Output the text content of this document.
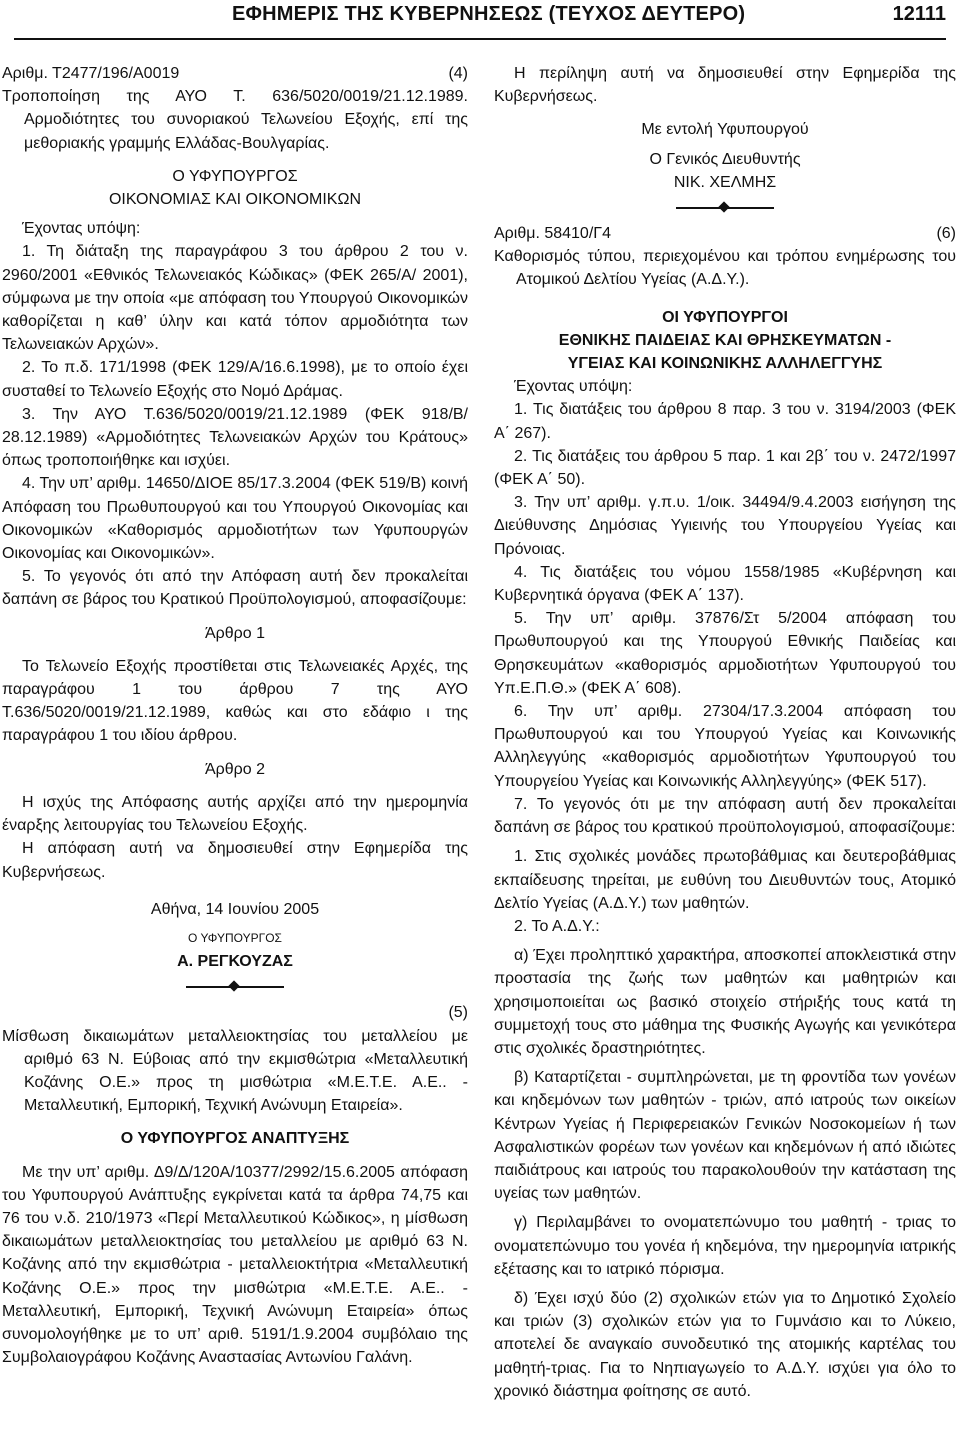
ΕΦΗΜΕΡΙΣ ΤΗΣ ΚΥΒΕΡΝΗΣΕΩΣ (ΤΕΥΧΟΣ ΔΕΥΤΕΡΟ)	12111
Αριθμ. Τ2477/196/Α0019	(4)

Τροποποίηση της ΑΥΟ Τ. 636/5020/0019/21.12.1989. Αρμοδιότητες του συνοριακού Τελωνείου Εξοχής, επί της μεθοριακής γραμμής Ελλάδας-Βουλγαρίας.

Ο ΥΦΥΠΟΥΡΓΟΣ

ΟΙΚΟΝΟΜΙΑΣ ΚΑΙ ΟΙΚΟΝΟΜΙΚΩΝ

Έχοντας υπόψη:

1. Τη διάταξη της παραγράφου 3 του άρθρου 2 του ν. 2960/2001 «Εθνικός Τελωνειακός Κώδικας» (ΦΕΚ 265/Α/ 2001), σύμφωνα με την οποία «με απόφαση του Υπουργού Οικονομικών καθορίζεται η καθ’ ύλην και κατά τόπον αρμοδιότητα των Τελωνειακών Αρχών».

2. Το π.δ. 171/1998 (ΦΕΚ 129/Α/16.6.1998), με το οποίο έχει συσταθεί το Τελωνείο Εξοχής στο Νομό Δράμας.

3. Την ΑΥΟ Τ.636/5020/0019/21.12.1989 (ΦΕΚ 918/Β/ 28.12.1989) «Αρμοδιότητες Τελωνειακών Αρχών του Κράτους» όπως τροποποιήθηκε και ισχύει.

4. Την υπ’ αριθμ. 14650/ΔΙΟΕ 85/17.3.2004 (ΦΕΚ 519/Β) κοινή Απόφαση του Πρωθυπουργού και του Υπουργού Οικονομίας και Οικονομικών «Καθορισμός αρμοδιοτήτων των Υφυπουργών Οικονομίας και Οικονομικών».

5. Το γεγονός ότι από την Απόφαση αυτή δεν προκαλείται δαπάνη σε βάρος του Κρατικού Προϋπολογισμού, αποφασίζουμε:

Άρθρο 1

Το Τελωνείο Εξοχής προστίθεται στις Τελωνειακές Αρχές, της παραγράφου 1 του άρθρου 7 της ΑΥΟ Τ.636/5020/0019/21.12.1989, καθώς και στο εδάφιο ι της παραγράφου 1 του ιδίου άρθρου.

Άρθρο 2

Η ισχύς της Απόφασης αυτής αρχίζει από την ημερομηνία έναρξης λειτουργίας του Τελωνείου Εξοχής.

Η απόφαση αυτή να δημοσιευθεί στην Εφημερίδα της Κυβερνήσεως.

Αθήνα, 14 Ιουνίου 2005

Ο ΥΦΥΠΟΥΡΓΟΣ

Α. ΡΕΓΚΟΥΖΑΣ

(5)

Μίσθωση δικαιωμάτων μεταλλειοκτησίας του μεταλλείου με αριθμό 63 Ν. Εύβοιας από την εκμισθώτρια «Μεταλλευτική Κοζάνης Ο.Ε.» προς τη μισθώτρια «Μ.Ε.Τ.Ε. Α.Ε.. - Μεταλλευτική, Εμπορική, Τεχνική Ανώνυμη Εταιρεία».

Ο ΥΦΥΠΟΥΡΓΟΣ ΑΝΑΠΤΥΞΗΣ

Με την υπ’ αριθμ. Δ9/Δ/120Α/10377/2992/15.6.2005 απόφαση του Υφυπουργού Ανάπτυξης εγκρίνεται κατά τα άρθρα 74,75 και 76 του ν.δ. 210/1973 «Περί Μεταλλευτικού Κώδικος», η μίσθωση δικαιωμάτων μεταλλειοκτησίας του μεταλλείου με αριθμό 63 Ν. Κοζάνης από την εκμισθώτρια - μεταλλειοκτήτρια «Μεταλλευτική Κοζάνης Ο.Ε.» προς την μισθώτρια «Μ.Ε.Τ.Ε. Α.Ε.. - Μεταλλευτική, Εμπορική, Τεχνική Ανώνυμη Εταιρεία» όπως συνομολογήθηκε με το υπ’ αριθ. 5191/1.9.2004 συμβόλαιο της Συμβολαιογράφου Κοζάνης Αναστασίας Αντωνίου Γαλάνη.

Η περίληψη αυτή να δημοσιευθεί στην Εφημερίδα της Κυβερνήσεως.

Με εντολή Υφυπουργού

Ο Γενικός Διευθυντής

ΝΙΚ. ΧΕΛΜΗΣ

Αριθμ. 58410/Γ4	(6)

Καθορισμός τύπου, περιεχομένου και τρόπου ενημέρωσης του Ατομικού Δελτίου Υγείας (Α.Δ.Υ.).

ΟΙ ΥΦΥΠΟΥΡΓΟΙ

ΕΘΝΙΚΗΣ ΠΑΙΔΕΙΑΣ ΚΑΙ ΘΡΗΣΚΕΥΜΑΤΩΝ -

ΥΓΕΙΑΣ ΚΑΙ ΚΟΙΝΩΝΙΚΗΣ ΑΛΛΗΛΕΓΓΥΗΣ

Έχοντας υπόψη:

1. Τις διατάξεις του άρθρου 8 παρ. 3 του ν. 3194/2003 (ΦΕΚ Α΄ 267).

2. Τις διατάξεις του άρθρου 5 παρ. 1 και 2β΄ του ν. 2472/1997 (ΦΕΚ Α΄ 50).

3. Την υπ’ αριθμ. γ.π.υ. 1/οικ. 34494/9.4.2003 εισήγηση της Διεύθυνσης Δημόσιας Υγιεινής του Υπουργείου Υγείας και Πρόνοιας.

4. Τις διατάξεις του νόμου 1558/1985 «Κυβέρνηση και Κυβερνητικά όργανα (ΦΕΚ Α΄ 137).

5. Την υπ’ αριθμ. 37876/Στ 5/2004 απόφαση του Πρωθυπουργού και της Υπουργού Εθνικής Παιδείας και Θρησκευμάτων «καθορισμός αρμοδιοτήτων Υφυπουργού του Υπ.Ε.Π.Θ.» (ΦΕΚ Α΄ 608).

6. Την υπ’ αριθμ. 27304/17.3.2004 απόφαση του Πρωθυπουργού και του Υπουργού Υγείας και Κοινωνικής Αλληλεγγύης «καθορισμός αρμοδιοτήτων Υφυπουργού του Υπουργείου Υγείας και Κοινωνικής Αλληλεγγύης» (ΦΕΚ 517).

7. Το γεγονός ότι με την απόφαση αυτή δεν προκαλείται δαπάνη σε βάρος του κρατικού προϋπολογισμού, αποφασίζουμε:

1. Στις σχολικές μονάδες πρωτοβάθμιας και δευτεροβάθμιας εκπαίδευσης τηρείται, με ευθύνη του Διευθυντών τους, Ατομικό Δελτίο Υγείας (Α.Δ.Υ.) των μαθητών.

2. Το Α.Δ.Υ.:

α) Έχει προληπτικό χαρακτήρα, αποσκοπεί αποκλειστικά στην προστασία της ζωής των μαθητών και μαθητριών και χρησιμοποιείται ως βασικό στοιχείο στήριξής τους κατά τη συμμετοχή τους στο μάθημα της Φυσικής Αγωγής και γενικότερα στις σχολικές δραστηριότητες.

β) Καταρτίζεται - συμπληρώνεται, με τη φροντίδα των γονέων και κηδεμόνων των μαθητών - τριών, από ιατρούς των οικείων Κέντρων Υγείας ή Περιφερειακών Γενικών Νοσοκομείων ή των Ασφαλιστικών φορέων των γονέων και κηδεμόνων ή από ιδιώτες παιδιάτρους και ιατρούς του παρακολουθούν την κατάσταση της υγείας των μαθητών.

γ) Περιλαμβάνει το ονοματεπώνυμο του μαθητή - τριας το ονοματεπώνυμο του γονέα ή κηδεμόνα, την ημερομηνία ιατρικής εξέτασης και το ιατρικό πόρισμα.

δ) Έχει ισχύ δύο (2) σχολικών ετών για το Δημοτικό Σχολείο και τριών (3) σχολικών ετών για το Γυμνάσιο και το Λύκειο, αποτελεί δε αναγκαίο συνοδευτικό της ατομικής καρτέλας του μαθητή-τριας. Για το Νηπιαγωγείο το Α.Δ.Υ. ισχύει για όλο το χρονικό διάστημα φοίτησης σε αυτό.
